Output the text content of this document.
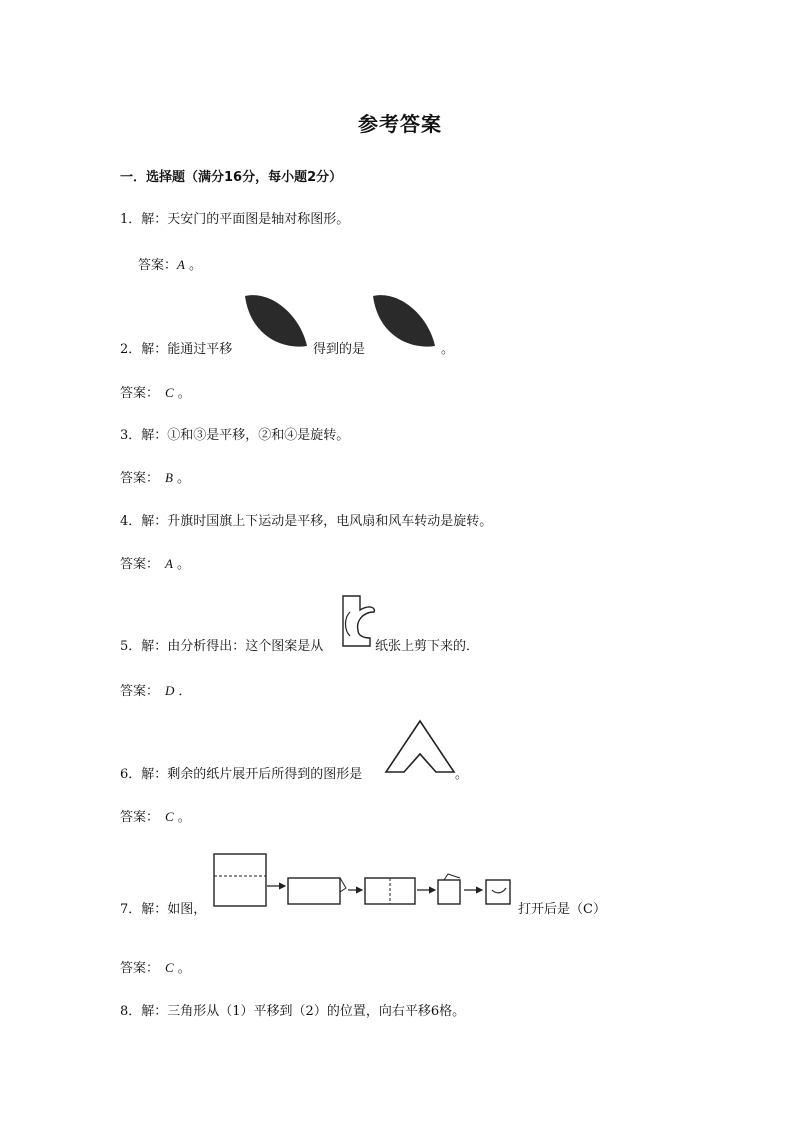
参考答案
一．选择题（满分16分，每小题2分）
1．解：天安门的平面图是轴对称图形。
答案：A 。
2．解：能通过平移	得到的是	。
答案： C 。
3．解：①和③是平移，②和④是旋转。
答案： B 。
4．解：升旗时国旗上下运动是平移，电风扇和风车转动是旋转。
答案： A 。
5．解：由分析得出：这个图案是从	纸张上剪下来的．
答案： D ．
6．解：剩余的纸片展开后所得到的图形是	。
答案： C 。
7．解：如图，	打开后是（C）
答案： C 。
8．解：三角形从（1）平移到（2）的位置，向右平移6格。
